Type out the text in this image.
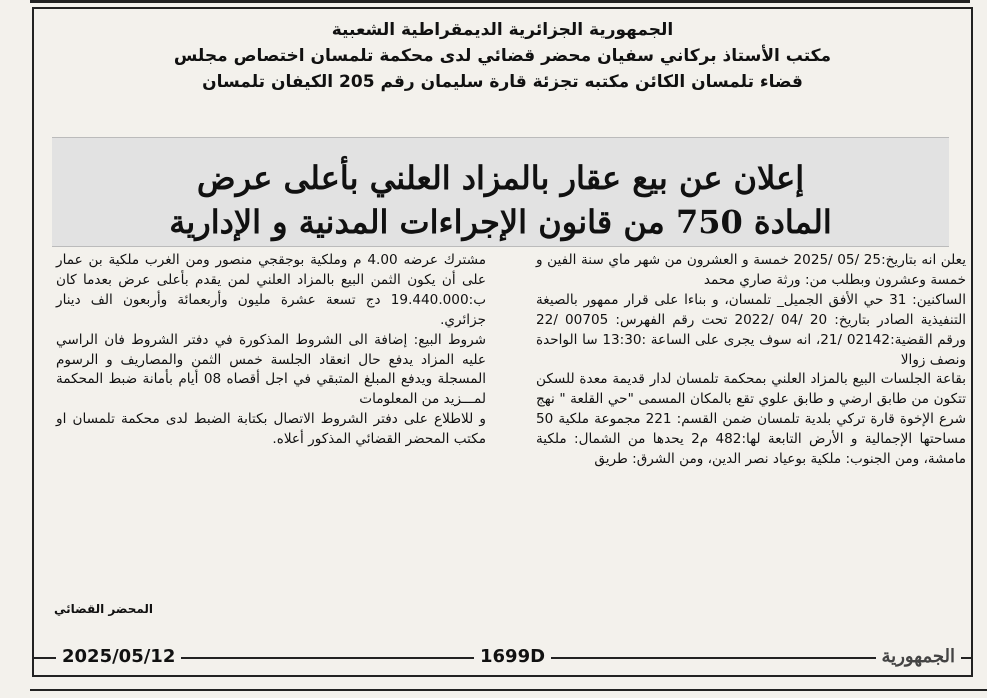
الجمهورية الجزائرية الديمقراطية الشعبية
مكتب الأستاذ بركاني سفيان محضر قضائي لدى محكمة تلمسان اختصاص مجلس
قضاء تلمسان الكائن مكتبه تجزئة قارة سليمان رقم 205 الكيفان تلمسان
إعلان عن بيع عقار بالمزاد العلني بأعلى عرض
المادة 750 من قانون الإجراءات المدنية و الإدارية

يعلن انه بتاريخ:25 /05 /2025 خمسة و العشرون من شهر ماي سنة الفين و خمسة وعشرون وبطلب من: ورثة صاري محمد

الساكنين: 31 حي الأفق الجميل_ تلمسان، و بناءا على قرار ممهور بالصيغة التنفيذية الصادر بتاريخ: 20 /04 /2022 تحت رقم الفهرس: 00705 /22 ورقم القضية:02142 /21، انه سوف يجرى على الساعة :13:30 سا الواحدة ونصف زوالا

بقاعة الجلسات البيع بالمزاد العلني بمحكمة تلمسان لدار قديمة معدة للسكن تتكون من طابق ارضي و طابق علوي تقع بالمكان المسمى "حي القلعة " نهج شرع الإخوة قارة تركي بلدية تلمسان ضمن القسم: 221 مجموعة ملكية 50 مساحتها الإجمالية و الأرض التابعة لها:482 م2 يحدها من الشمال: ملكية مامشة، ومن الجنوب: ملكية بوعياد نصر الدين، ومن الشرق: طريق

مشترك عرضه 4.00 م وملكية بوجقجي منصور ومن الغرب ملكية بن عمار على أن يكون الثمن البيع بالمزاد العلني لمن يقدم بأعلى عرض بعدما كان ب:19.440.000 دج تسعة عشرة مليون وأربعمائة وأربعون الف دينار جزائري.

شروط البيع: إضافة الى الشروط المذكورة في دفتر الشروط فان الراسي عليه المزاد يدفع حال انعقاد الجلسة خمس الثمن والمصاريف و الرسوم المسجلة ويدفع المبلغ المتبقي في اجل أقصاه 08 أيام بأمانة ضبط المحكمة لمـــزيد من المعلومات

و للاطلاع على دفتر الشروط الاتصال بكتابة الضبط لدى محكمة تلمسان او مكتب المحضر القضائي المذكور أعلاه.

المحضر القضائي
2025/05/12	1699D	الجمهورية
